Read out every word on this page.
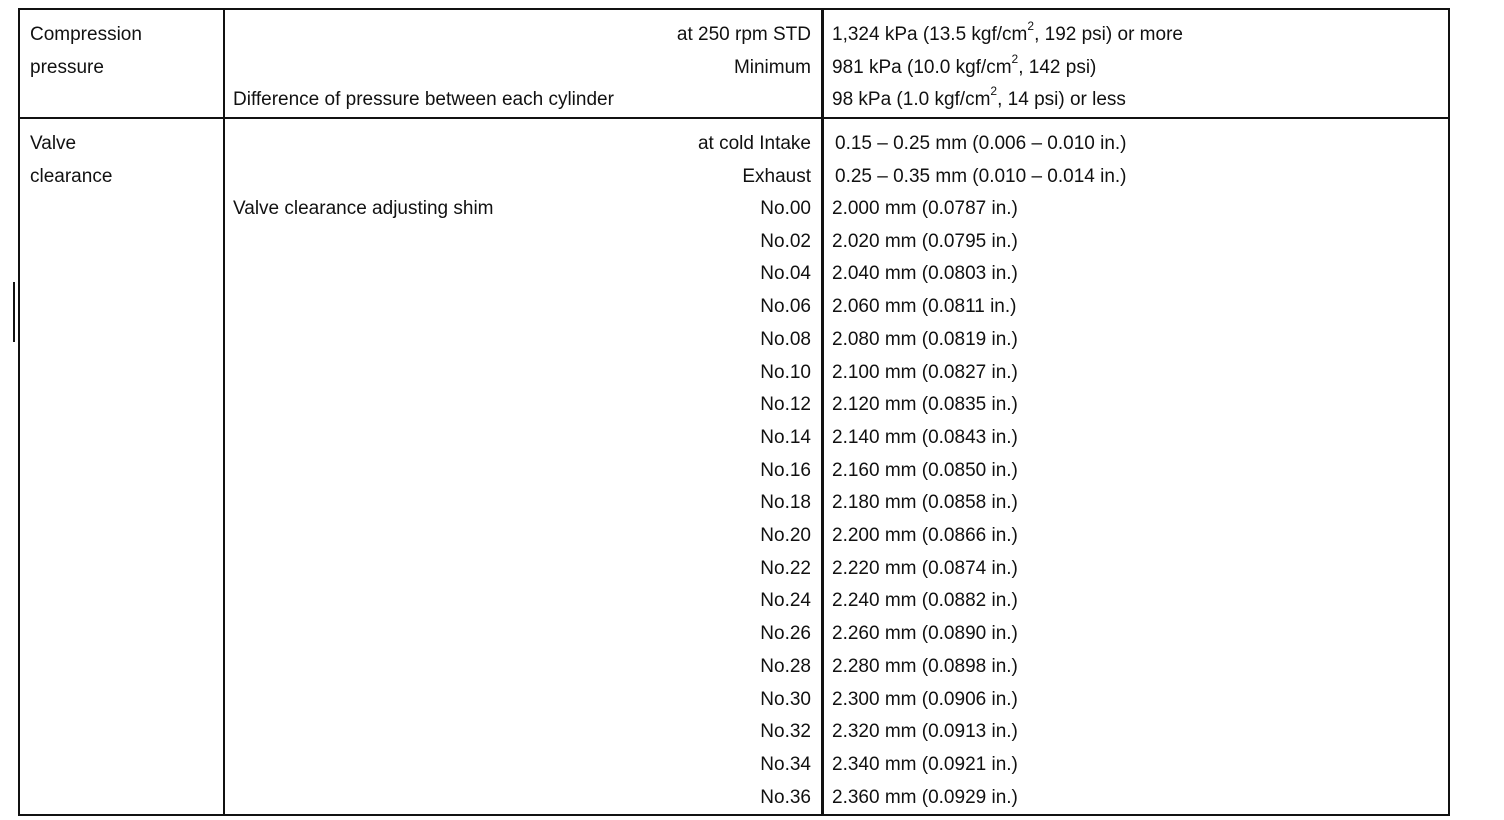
Compression
pressure
at 250 rpm STD
Minimum
Difference of pressure between each cylinder
1,324 kPa (13.5 kgf/$cm^2$, 192 psi) or more
981 kPa (10.0 kgf/$cm^2$, 142 psi)
98 kPa (1.0 kgf/$cm^2$, 14 psi) or less
Valve
clearance
at cold Intake
Exhaust
0.15 – 0.25 mm (0.006 – 0.010 in.)
0.25 – 0.35 mm (0.010 – 0.014 in.)
Valve clearance adjusting shim	No.00 2.000 mm (0.0787 in.)
No.02 2.020 mm (0.0795 in.)
No.04 2.040 mm (0.0803 in.)
No.06 2.060 mm (0.0811 in.)
No.08 2.080 mm (0.0819 in.)
No.10 2.100 mm (0.0827 in.)
No.12 2.120 mm (0.0835 in.)
No.14 2.140 mm (0.0843 in.)
No.16 2.160 mm (0.0850 in.)
No.18 2.180 mm (0.0858 in.)
No.20 2.200 mm (0.0866 in.)
No.22 2.220 mm (0.0874 in.)
No.24 2.240 mm (0.0882 in.)
No.26 2.260 mm (0.0890 in.)
No.28 2.280 mm (0.0898 in.)
No.30 2.300 mm (0.0906 in.)
No.32 2.320 mm (0.0913 in.)
No.34 2.340 mm (0.0921 in.)
No.36 2.360 mm (0.0929 in.)
